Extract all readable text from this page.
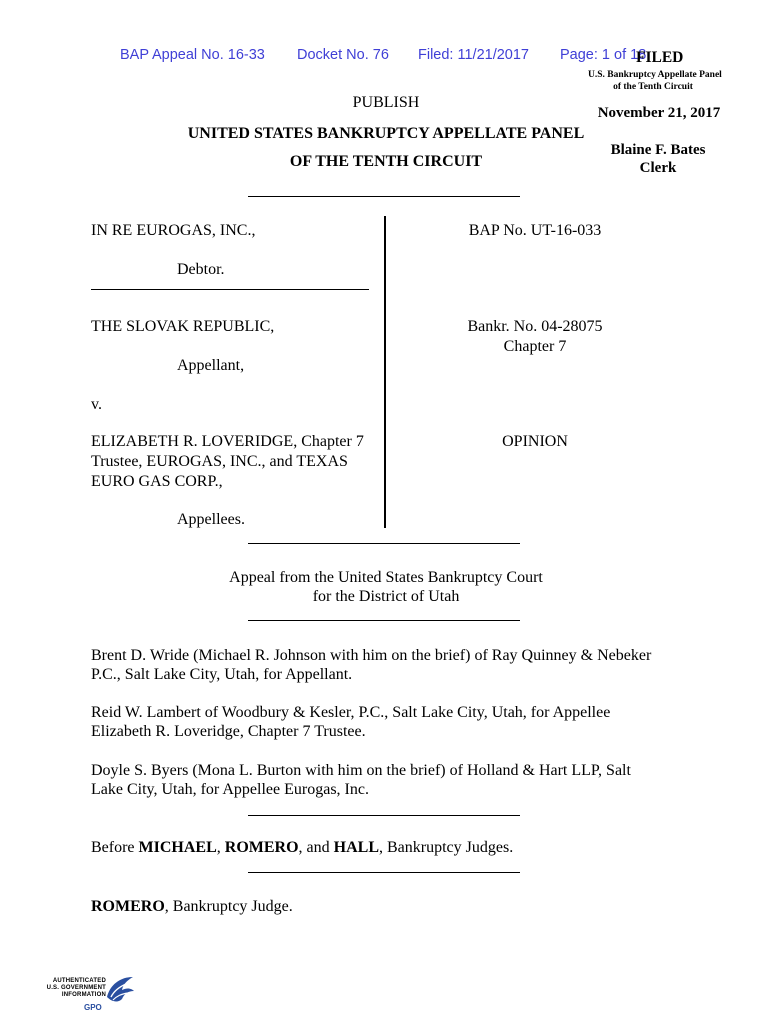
BAP Appeal No. 16-33 Docket No. 76 Filed: 11/21/2017 Page: 1 of 18
FILED
U.S. Bankruptcy Appellate Panel
of the Tenth Circuit
November 21, 2017
Blaine F. Bates
Clerk
PUBLISH
UNITED STATES BANKRUPTCY APPELLATE PANEL
OF THE TENTH CIRCUIT
IN RE EUROGAS, INC.,
Debtor.
THE SLOVAK REPUBLIC,
Appellant,
v.
ELIZABETH R. LOVERIDGE, Chapter 7
Trustee, EUROGAS, INC., and TEXAS
EURO GAS CORP.,
Appellees.
BAP No. UT-16-033
Bankr. No. 04-28075
Chapter 7
OPINION
Appeal from the United States Bankruptcy Court
for the District of Utah
Brent D. Wride (Michael R. Johnson with him on the brief) of Ray Quinney & Nebeker
P.C., Salt Lake City, Utah, for Appellant.
Reid W. Lambert of Woodbury & Kesler, P.C., Salt Lake City, Utah, for Appellee
Elizabeth R. Loveridge, Chapter 7 Trustee.
Doyle S. Byers (Mona L. Burton with him on the brief) of Holland & Hart LLP, Salt
Lake City, Utah, for Appellee Eurogas, Inc.
Before MICHAEL, ROMERO, and HALL, Bankruptcy Judges.
ROMERO, Bankruptcy Judge.
AUTHENTICATED
U.S. GOVERNMENT
INFORMATION
GPO
